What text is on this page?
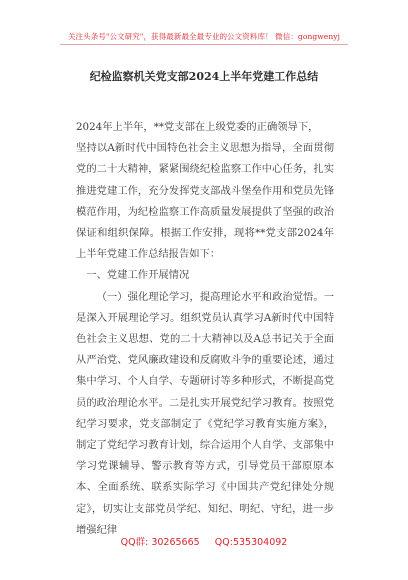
关注头条号"公文研究"，获得最新最全最专业的公文资料库！ 微信：gongwenyj
纪检监察机关党支部2024上半年党建工作总结

2024年上半年，**党支部在上级党委的正确领导下，

坚持以A新时代中国特色社会主义思想为指导，全面贯彻党的二十大精神，紧紧围绕纪检监察工作中心任务，扎实推进党建工作，充分发挥党支部战斗堡垒作用和党员先锋模范作用，为纪检监察工作高质量发展提供了坚强的政治保证和组织保障。根据工作安排，现将**党支部2024年上半年党建工作总结报告如下：

一、党建工作开展情况

（一）强化理论学习，提高理论水平和政治觉悟。一是深入开展理论学习。组织党员认真学习A新时代中国特色社会主义思想、党的二十大精神以及A总书记关于全面从严治党、党风廉政建设和反腐败斗争的重要论述，通过集中学习、个人自学、专题研讨等多种形式，不断提高党员的政治理论水平。二是扎实开展党纪学习教育。按照党纪学习要求，党支部制定了《党纪学习教育实施方案》，制定了党纪学习教育计划，综合运用个人自学、支部集中学习党课辅导、警示教育等方式，引导党员干部原原本本、全面系统、联系实际学习《中国共产党纪律处分规定》，切实让支部党员学纪、知纪、明纪、守纪，进一步增强纪律

QQ群: 30265665     QQ:535304092
